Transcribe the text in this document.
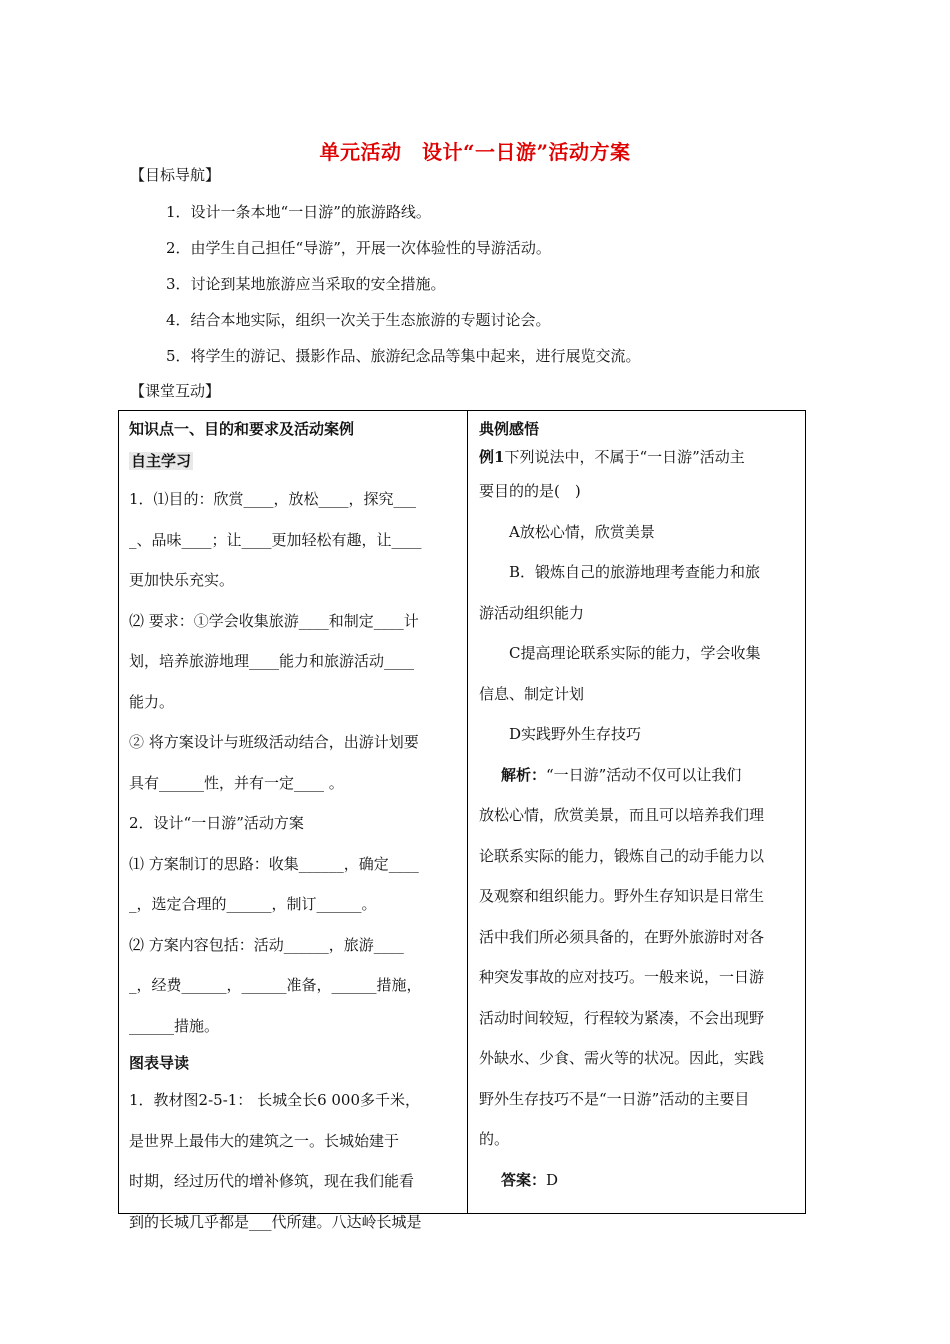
单元活动　设计“一日游”活动方案
【目标导航】
1．设计一条本地“一日游”的旅游路线。
2．由学生自己担任“导游”，开展一次体验性的导游活动。
3．讨论到某地旅游应当采取的安全措施。
4．结合本地实际，组织一次关于生态旅游的专题讨论会。
5．将学生的游记、摄影作品、旅游纪念品等集中起来，进行展览交流。
【课堂互动】
知识点一、目的和要求及活动案例
自主学习
1．⑴目的：欣赏____，放松____，探究___
_、品味____；让____更加轻松有趣，让____
更加快乐充实。
⑵ 要求：①学会收集旅游____和制定____计
划，培养旅游地理____能力和旅游活动____
能力。
② 将方案设计与班级活动结合，出游计划要
具有______性，并有一定____ 。
2．设计“一日游”活动方案
⑴ 方案制订的思路：收集______，确定____
_，选定合理的______，制订______。
⑵ 方案内容包括：活动______，旅游____
_，经费______，______准备，______措施，
______措施。
图表导读
1．教材图2-5-1： 长城全长6 000多千米，
是世界上最伟大的建筑之一。长城始建于
时期，经过历代的增补修筑，现在我们能看
到的长城几乎都是___代所建。八达岭长城是
典例感悟
例1下列说法中，不属于“一日游”活动主
要目的的是(　)
A放松心情，欣赏美景
B．锻炼自己的旅游地理考查能力和旅
游活动组织能力
C提高理论联系实际的能力，学会收集
信息、制定计划
D实践野外生存技巧
解析：“一日游”活动不仅可以让我们
放松心情，欣赏美景，而且可以培养我们理
论联系实际的能力，锻炼自己的动手能力以
及观察和组织能力。野外生存知识是日常生
活中我们所必须具备的，在野外旅游时对各
种突发事故的应对技巧。一般来说，一日游
活动时间较短，行程较为紧凑，不会出现野
外缺水、少食、需火等的状况。因此，实践
野外生存技巧不是“一日游”活动的主要目
的。
答案：D
